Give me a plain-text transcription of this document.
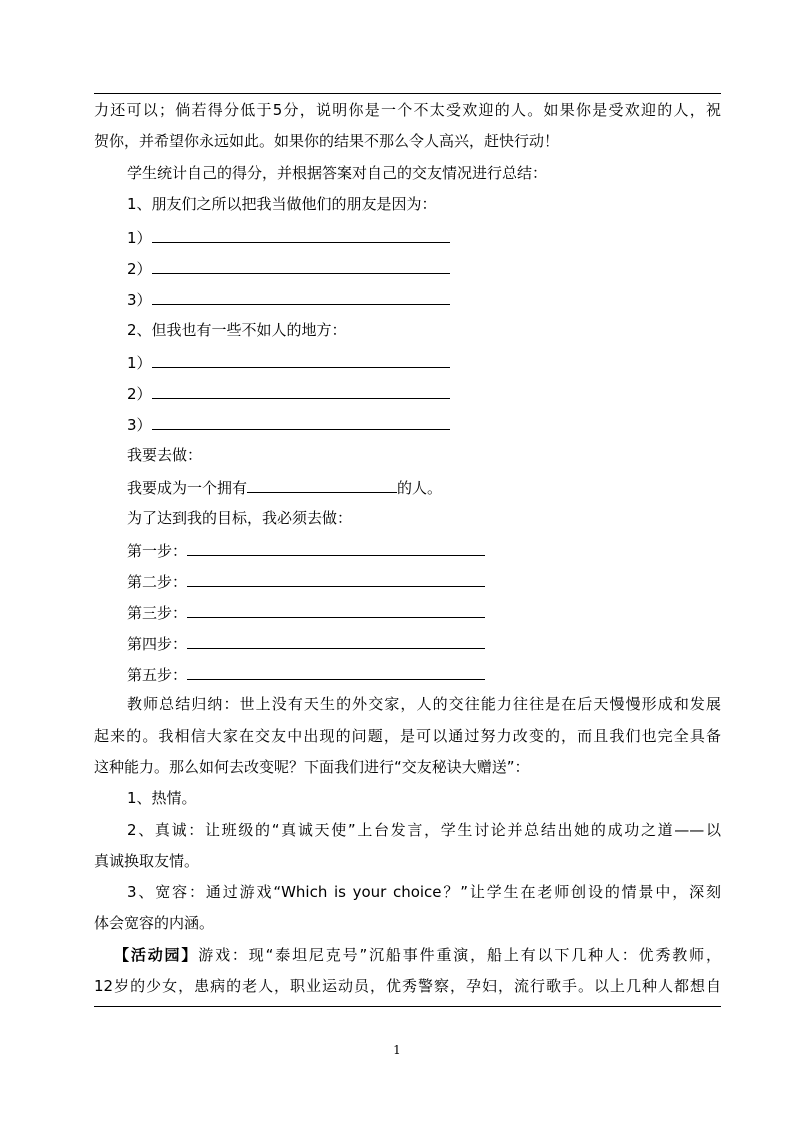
力还可以；倘若得分低于5分，说明你是一个不太受欢迎的人。如果你是受欢迎的人，祝
贺你，并希望你永远如此。如果你的结果不那么令人高兴，赶快行动！
学生统计自己的得分，并根据答案对自己的交友情况进行总结：
1、朋友们之所以把我当做他们的朋友是因为：
1）
2）
3）
2、但我也有一些不如人的地方：
1）
2）
3）
我要去做：
我要成为一个拥有	的人。
为了达到我的目标，我必须去做：
第一步：
第二步：
第三步：
第四步：
第五步：
教师总结归纳：世上没有天生的外交家，人的交往能力往往是在后天慢慢形成和发展
起来的。我相信大家在交友中出现的问题，是可以通过努力改变的，而且我们也完全具备
这种能力。那么如何去改变呢？下面我们进行“交友秘诀大赠送”：
1、热情。
2、真诚：让班级的“真诚天使”上台发言，学生讨论并总结出她的成功之道——以
真诚换取友情。
3、宽容：通过游戏“Which is your choice？”让学生在老师创设的情景中，深刻
体会宽容的内涵。
【活动园】游戏：现“泰坦尼克号”沉船事件重演，船上有以下几种人：优秀教师，
12岁的少女，患病的老人，职业运动员，优秀警察，孕妇，流行歌手。以上几种人都想自
1
